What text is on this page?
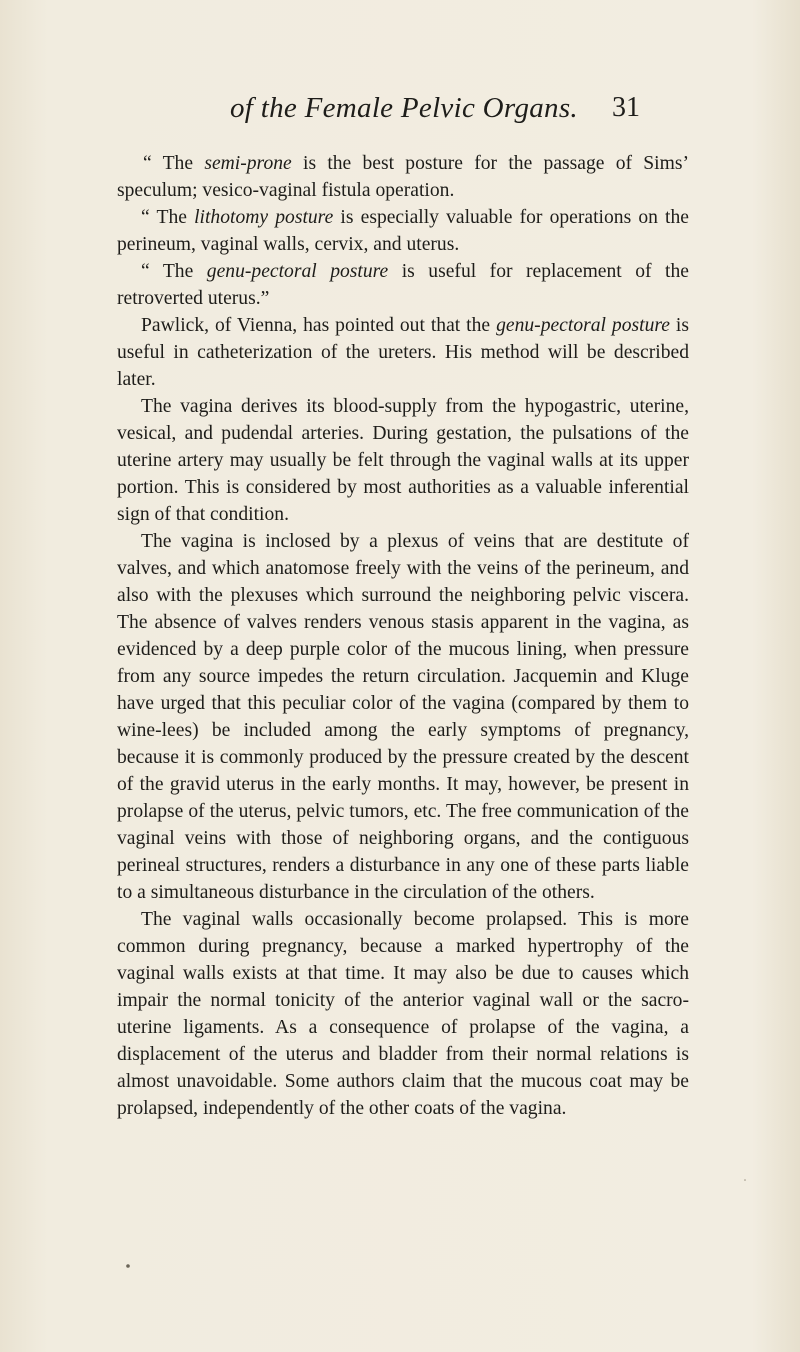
of the Female Pelvic Organs. 31

“ The semi-prone is the best posture for the passage of Sims’ speculum; vesico-vaginal fistula operation.

“ The lithotomy posture is especially valuable for operations on the perineum, vaginal walls, cervix, and uterus.

“ The genu-pectoral posture is useful for replacement of the retroverted uterus.”

Pawlick, of Vienna, has pointed out that the genu-pectoral posture is useful in catheterization of the ureters. His method will be described later.

The vagina derives its blood-supply from the hypogastric, uterine, vesical, and pudendal arteries. During gestation, the pulsations of the uterine artery may usually be felt through the vaginal walls at its upper portion. This is considered by most authorities as a valuable inferential sign of that condition.

The vagina is inclosed by a plexus of veins that are destitute of valves, and which anatomose freely with the veins of the perineum, and also with the plexuses which surround the neighboring pelvic viscera. The absence of valves renders venous stasis apparent in the vagina, as evidenced by a deep purple color of the mucous lining, when pressure from any source impedes the return circulation. Jacquemin and Kluge have urged that this peculiar color of the vagina (compared by them to wine-lees) be included among the early symptoms of pregnancy, because it is commonly produced by the pressure created by the descent of the gravid uterus in the early months. It may, however, be present in prolapse of the uterus, pelvic tumors, etc. The free communication of the vaginal veins with those of neighboring organs, and the contiguous perineal structures, renders a disturbance in any one of these parts liable to a simultaneous disturbance in the circulation of the others.

The vaginal walls occasionally become prolapsed. This is more common during pregnancy, because a marked hypertrophy of the vaginal walls exists at that time. It may also be due to causes which impair the normal tonicity of the anterior vaginal wall or the sacro-uterine ligaments. As a consequence of prolapse of the vagina, a displacement of the uterus and bladder from their normal relations is almost unavoidable. Some authors claim that the mucous coat may be prolapsed, independently of the other coats of the vagina.
